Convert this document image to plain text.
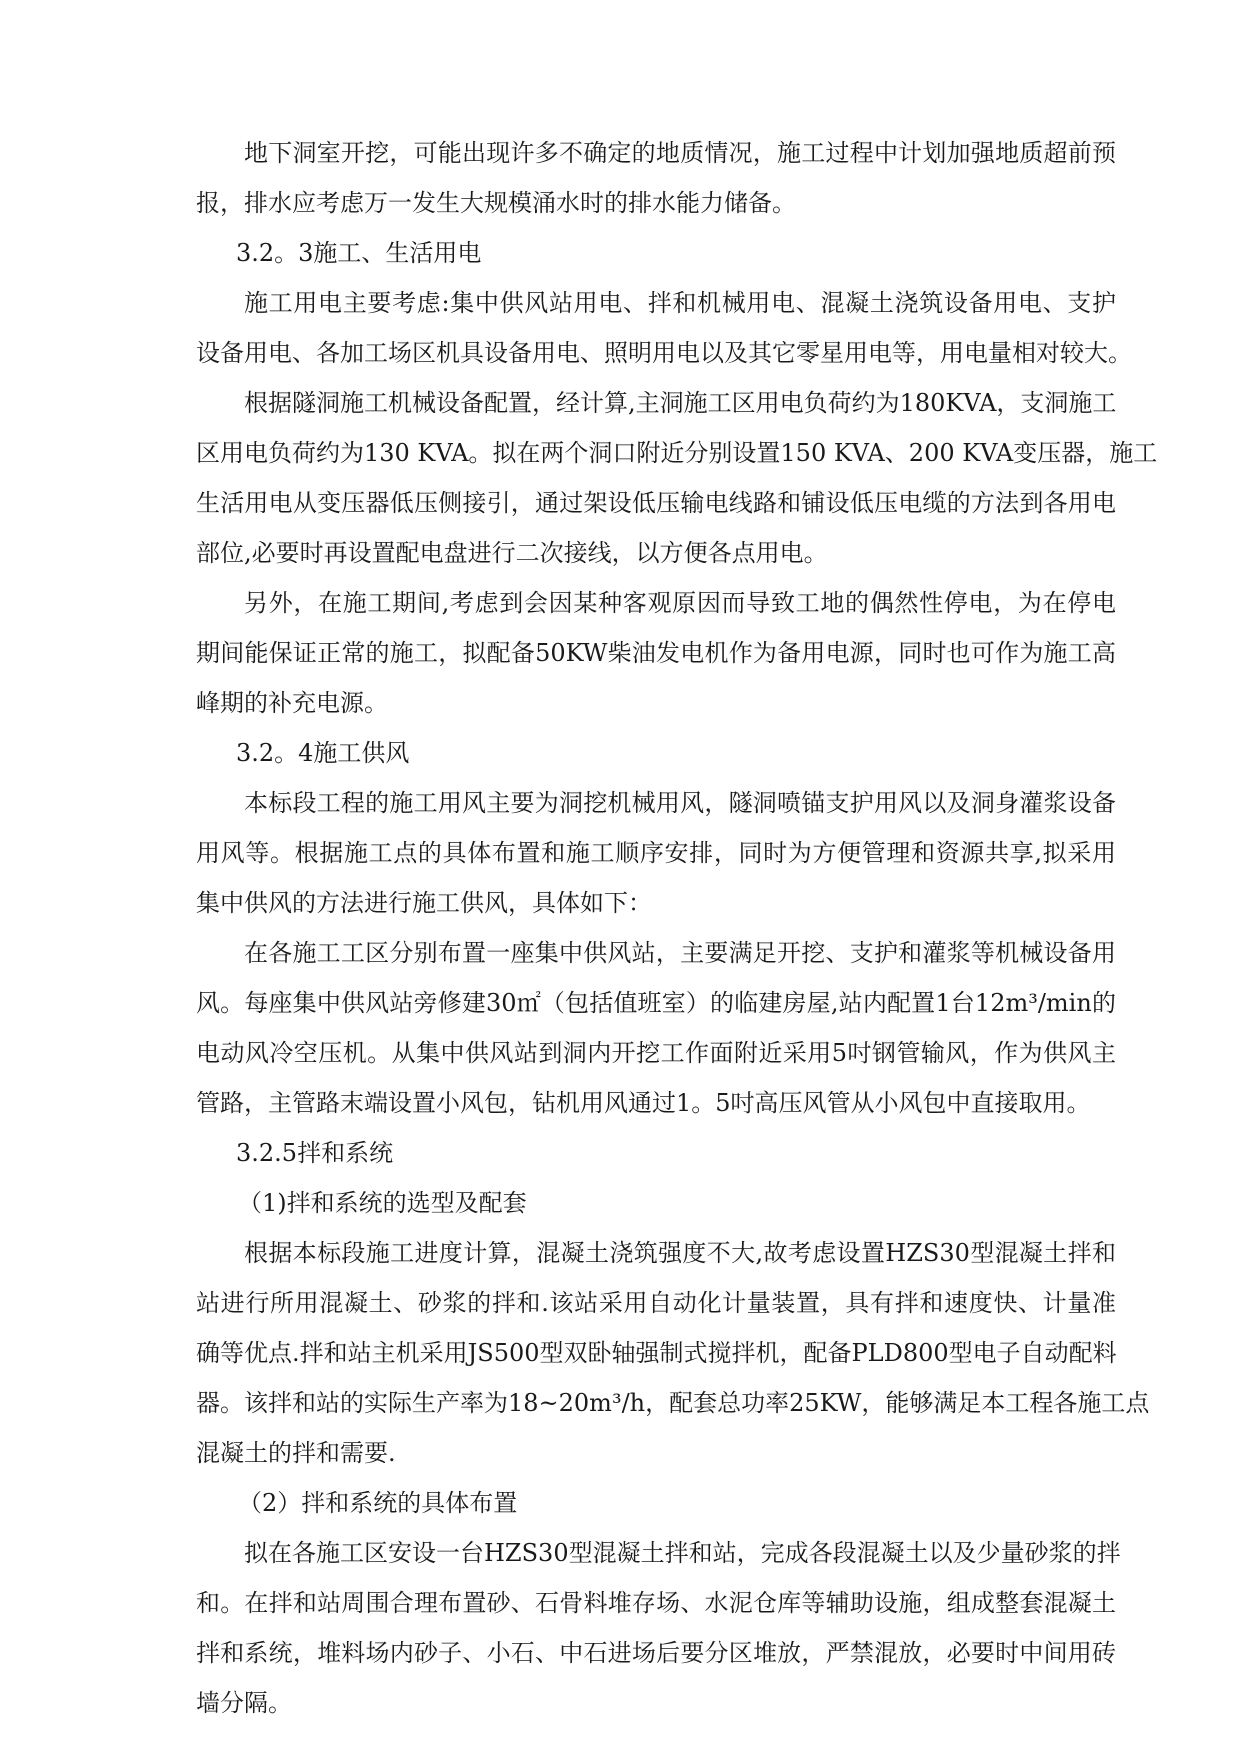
地下洞室开挖，可能出现许多不确定的地质情况，施工过程中计划加强地质超前预
报，排水应考虑万一发生大规模涌水时的排水能力储备。
3.2。3施工、生活用电
施工用电主要考虑:集中供风站用电、拌和机械用电、混凝土浇筑设备用电、支护
设备用电、各加工场区机具设备用电、照明用电以及其它零星用电等，用电量相对较大。
根据隧洞施工机械设备配置，经计算,主洞施工区用电负荷约为180KVA，支洞施工
区用电负荷约为130 KVA。拟在两个洞口附近分别设置150 KVA、200 KVA变压器，施工
生活用电从变压器低压侧接引，通过架设低压输电线路和铺设低压电缆的方法到各用电
部位,必要时再设置配电盘进行二次接线，以方便各点用电。
另外，在施工期间,考虑到会因某种客观原因而导致工地的偶然性停电，为在停电
期间能保证正常的施工，拟配备50KW柴油发电机作为备用电源，同时也可作为施工高
峰期的补充电源。
3.2。4施工供风
本标段工程的施工用风主要为洞挖机械用风，隧洞喷锚支护用风以及洞身灌浆设备
用风等。根据施工点的具体布置和施工顺序安排，同时为方便管理和资源共享,拟采用
集中供风的方法进行施工供风，具体如下：
在各施工工区分别布置一座集中供风站，主要满足开挖、支护和灌浆等机械设备用
风。每座集中供风站旁修建30㎡（包括值班室）的临建房屋,站内配置1台12m³/min的
电动风冷空压机。从集中供风站到洞内开挖工作面附近采用5吋钢管输风，作为供风主
管路，主管路末端设置小风包，钻机用风通过1。5吋高压风管从小风包中直接取用。
3.2.5拌和系统
（1)拌和系统的选型及配套
根据本标段施工进度计算，混凝土浇筑强度不大,故考虑设置HZS30型混凝土拌和
站进行所用混凝土、砂浆的拌和.该站采用自动化计量装置，具有拌和速度快、计量准
确等优点.拌和站主机采用JS500型双卧轴强制式搅拌机，配备PLD800型电子自动配料
器。该拌和站的实际生产率为18~20m³/h，配套总功率25KW，能够满足本工程各施工点
混凝土的拌和需要.
（2）拌和系统的具体布置
拟在各施工区安设一台HZS30型混凝土拌和站，完成各段混凝土以及少量砂浆的拌
和。在拌和站周围合理布置砂、石骨料堆存场、水泥仓库等辅助设施，组成整套混凝土
拌和系统，堆料场内砂子、小石、中石进场后要分区堆放，严禁混放，必要时中间用砖
墙分隔。
